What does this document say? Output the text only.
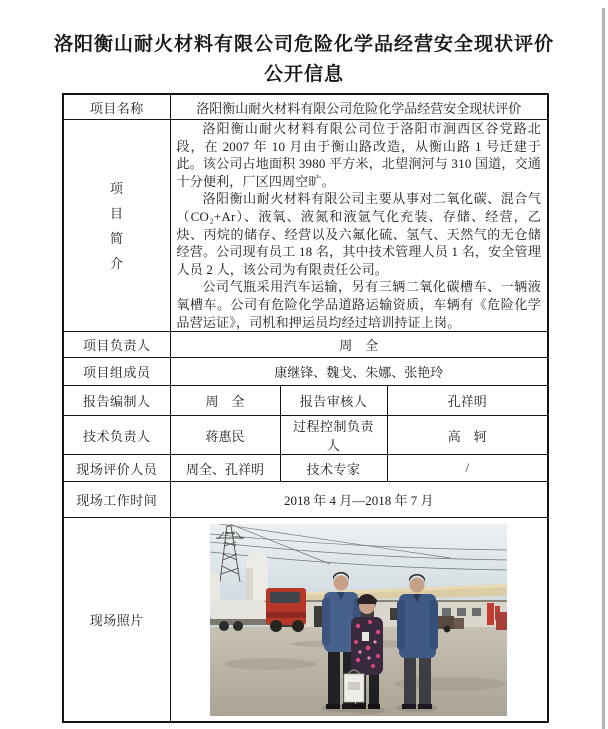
洛阳衡山耐火材料有限公司危险化学品经营安全现状评价
公开信息
项目名称	洛阳衡山耐火材料有限公司危险化学品经营安全现状评价		

项
目
简
介

洛阳衡山耐火材料有限公司位于洛阳市涧西区谷党路北段，在 2007 年 10 月由于衡山路改造，从衡山路 1 号迁建于此。该公司占地面积 3980 平方米，北望涧河与 310 国道，交通十分便利，厂区四周空旷。

洛阳衡山耐火材料有限公司主要从事对二氧化碳、混合气（CO₂+Ar）、液氧、液氮和液氩气化充装、存储、经营，乙炔、丙烷的储存、经营以及六氟化硫、氢气、天然气的无仓储经营。公司现有员工 18 名，其中技术管理人员 1 名，安全管理人员 2 人，该公司为有限责任公司。

公司气瓶采用汽车运输，另有三辆二氧化碳槽车、一辆液氧槽车。公司有危险化学品道路运输资质，车辆有《危险化学品营运证》，司机和押运员均经过培训持证上岗。

项目负责人	周　全		
项目组成员	康继锋、魏戈、朱娜、张艳玲		
报告编制人	周　全	报告审核人	孔祥明
技术负责人	蒋惠民	过程控制负责人	高　轲
现场评价人员	周全、孔祥明	技术专家	/
现场工作时间	2018 年 4 月—2018 年 7 月		
现场照片	
